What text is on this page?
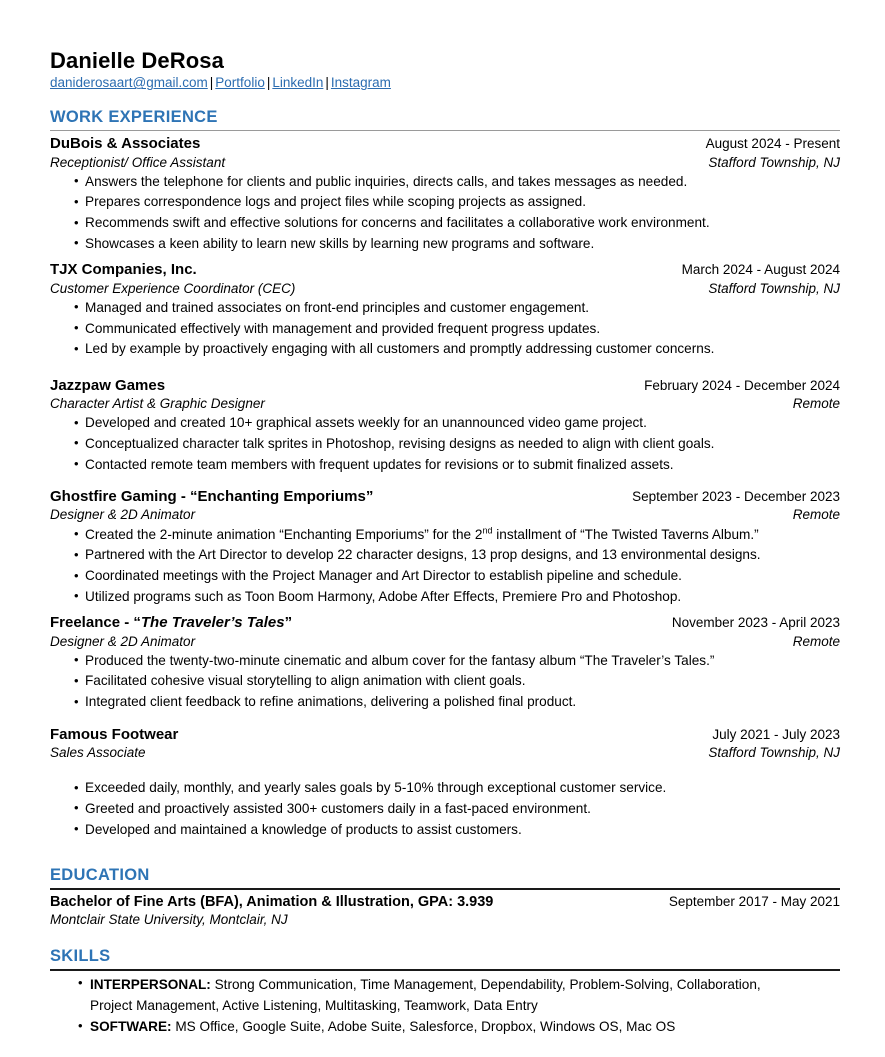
Danielle DeRosa
daniderosaart@gmail.com | Portfolio | LinkedIn | Instagram
WORK EXPERIENCE
DuBois & Associates	August 2024 - Present
Receptionist/ Office Assistant	Stafford Township, NJ
• Answers the telephone for clients and public inquiries, directs calls, and takes messages as needed.
• Prepares correspondence logs and project files while scoping projects as assigned.
• Recommends swift and effective solutions for concerns and facilitates a collaborative work environment.
• Showcases a keen ability to learn new skills by learning new programs and software.
TJX Companies, Inc.	March 2024 - August 2024
Customer Experience Coordinator (CEC)	Stafford Township, NJ
• Managed and trained associates on front-end principles and customer engagement.
• Communicated effectively with management and provided frequent progress updates.
• Led by example by proactively engaging with all customers and promptly addressing customer concerns.
Jazzpaw Games	February 2024 - December 2024
Character Artist & Graphic Designer	Remote
• Developed and created 10+ graphical assets weekly for an unannounced video game project.
• Conceptualized character talk sprites in Photoshop, revising designs as needed to align with client goals.
• Contacted remote team members with frequent updates for revisions or to submit finalized assets.
Ghostfire Gaming - “Enchanting Emporiums”	September 2023 - December 2023
Designer & 2D Animator	Remote
• Created the 2-minute animation “Enchanting Emporiums” for the 2nd installment of “The Twisted Taverns Album.”
• Partnered with the Art Director to develop 22 character designs, 13 prop designs, and 13 environmental designs.
• Coordinated meetings with the Project Manager and Art Director to establish pipeline and schedule.
• Utilized programs such as Toon Boom Harmony, Adobe After Effects, Premiere Pro and Photoshop.
Freelance - “The Traveler’s Tales”	November 2023 - April 2023
Designer & 2D Animator	Remote
• Produced the twenty-two-minute cinematic and album cover for the fantasy album “The Traveler’s Tales.”
• Facilitated cohesive visual storytelling to align animation with client goals.
• Integrated client feedback to refine animations, delivering a polished final product.
Famous Footwear	July 2021 - July 2023
Sales Associate	Stafford Township, NJ
• Exceeded daily, monthly, and yearly sales goals by 5-10% through exceptional customer service.
• Greeted and proactively assisted 300+ customers daily in a fast-paced environment.
• Developed and maintained a knowledge of products to assist customers.
EDUCATION
Bachelor of Fine Arts (BFA), Animation & Illustration, GPA: 3.939	September 2017 - May 2021
Montclair State University, Montclair, NJ
SKILLS
• INTERPERSONAL: Strong Communication, Time Management, Dependability, Problem-Solving, Collaboration, Project Management, Active Listening, Multitasking, Teamwork, Data Entry
• SOFTWARE: MS Office, Google Suite, Adobe Suite, Salesforce, Dropbox, Windows OS, Mac OS
